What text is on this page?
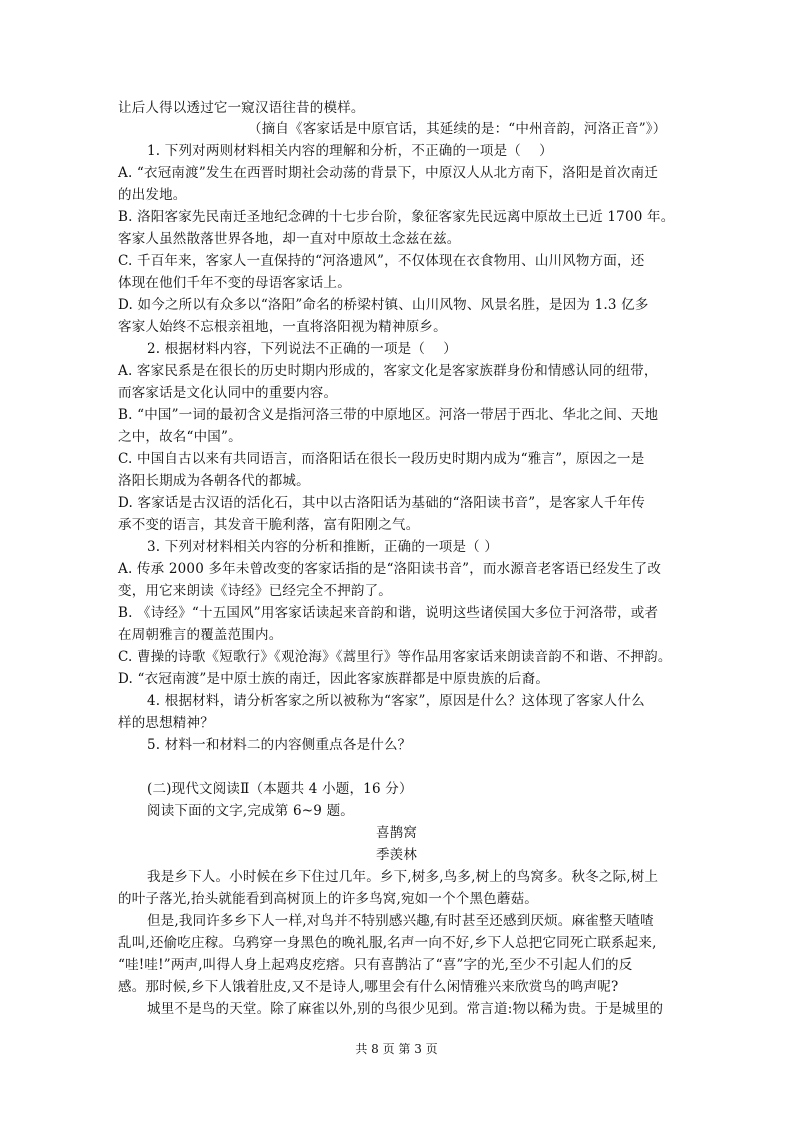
让后人得以透过它一窥汉语往昔的模样。
（摘自《客家话是中原官话，其延续的是：“中州音韵，河洛正音”》）
1. 下列对两则材料相关内容的理解和分析，不正确的一项是（　 ）
A. “衣冠南渡”发生在西晋时期社会动荡的背景下，中原汉人从北方南下，洛阳是首次南迁
的出发地。
B. 洛阳客家先民南迁圣地纪念碑的十七步台阶，象征客家先民远离中原故土已近 1700 年。
客家人虽然散落世界各地，却一直对中原故土念兹在兹。
C. 千百年来，客家人一直保持的“河洛遗风”，不仅体现在衣食物用、山川风物方面，还
体现在他们千年不变的母语客家话上。
D. 如今之所以有众多以“洛阳”命名的桥梁村镇、山川风物、风景名胜，是因为 1.3 亿多
客家人始终不忘根亲祖地，一直将洛阳视为精神原乡。
2. 根据材料内容，下列说法不正确的一项是（　 ）
A. 客家民系是在很长的历史时期内形成的，客家文化是客家族群身份和情感认同的纽带，
而客家话是文化认同中的重要内容。
B. “中国”一词的最初含义是指河洛三带的中原地区。河洛一带居于西北、华北之间、天地
之中，故名“中国”。
C. 中国自古以来有共同语言，而洛阳话在很长一段历史时期内成为“雅言”，原因之一是
洛阳长期成为各朝各代的都城。
D. 客家话是古汉语的活化石，其中以古洛阳话为基础的“洛阳读书音”，是客家人千年传
承不变的语言，其发音干脆利落，富有阳刚之气。
3. 下列对材料相关内容的分析和推断，正确的一项是（ ）
A. 传承 2000 多年未曾改变的客家话指的是“洛阳读书音”，而水源音老客语已经发生了改
变，用它来朗读《诗经》已经完全不押韵了。
B. 《诗经》“十五国风”用客家话读起来音韵和谐，说明这些诸侯国大多位于河洛带，或者
在周朝雅言的覆盖范围内。
C. 曹操的诗歌《短歌行》《观沧海》《蒿里行》等作品用客家话来朗读音韵不和谐、不押韵。
D. “衣冠南渡”是中原士族的南迁，因此客家族群都是中原贵族的后裔。
4. 根据材料，请分析客家之所以被称为“客家”，原因是什么？这体现了客家人什么
样的思想精神？
5. 材料一和材料二的内容侧重点各是什么？
(二)现代文阅读Ⅱ（本题共 4 小题，16 分）
阅读下面的文字,完成第 6~9 题。
喜鹊窝
季羡林
我是乡下人。小时候在乡下住过几年。乡下,树多,鸟多,树上的鸟窝多。秋冬之际,树上
的叶子落光,抬头就能看到高树顶上的许多鸟窝,宛如一个个黑色蘑菇。
但是,我同许多乡下人一样,对鸟并不特别感兴趣,有时甚至还感到厌烦。麻雀整天喳喳
乱叫,还偷吃庄稼。乌鸦穿一身黑色的晚礼服,名声一向不好,乡下人总把它同死亡联系起来,
“哇!哇!”两声,叫得人身上起鸡皮疙瘩。只有喜鹊沾了“喜”字的光,至少不引起人们的反
感。那时候,乡下人饿着肚皮,又不是诗人,哪里会有什么闲情雅兴来欣赏鸟的鸣声呢?
城里不是鸟的天堂。除了麻雀以外,别的鸟很少见到。常言道:物以稀为贵。于是城里的
共 8 页 第 3 页
